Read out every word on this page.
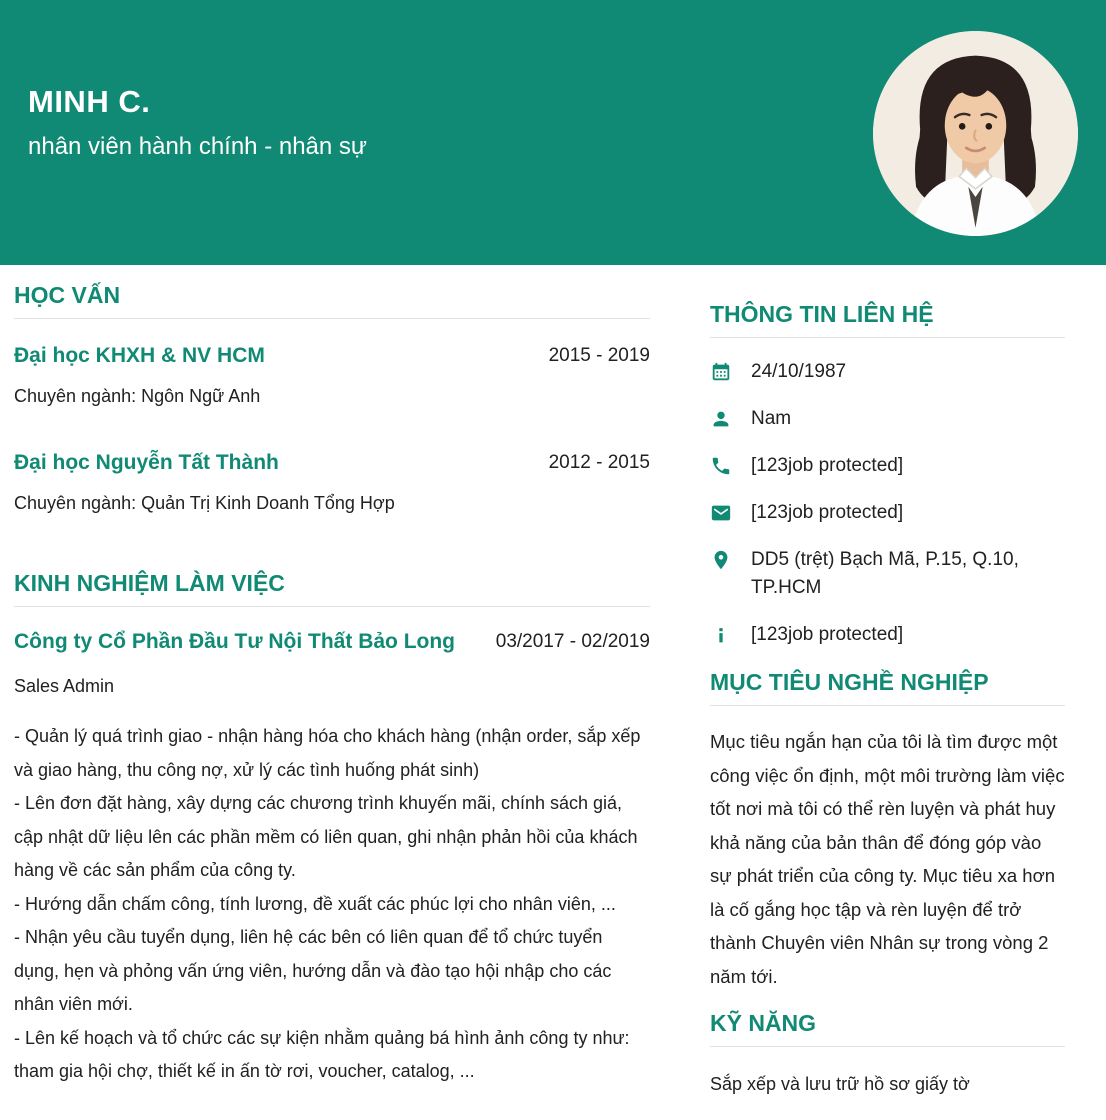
MINH C.
nhân viên hành chính - nhân sự
HỌC VẤN
Đại học KHXH & NV HCM	2015 - 2019
Chuyên ngành: Ngôn Ngữ Anh
Đại học Nguyễn Tất Thành	2012 - 2015
Chuyên ngành: Quản Trị Kinh Doanh Tổng Hợp
KINH NGHIỆM LÀM VIỆC
Công ty Cổ Phần Đầu Tư Nội Thất Bảo Long 03/2017 - 02/2019
Sales Admin

- Quản lý quá trình giao - nhận hàng hóa cho khách hàng (nhận order, sắp xếp và giao hàng, thu công nợ, xử lý các tình huống phát sinh)

- Lên đơn đặt hàng, xây dựng các chương trình khuyến mãi, chính sách giá, cập nhật dữ liệu lên các phần mềm có liên quan, ghi nhận phản hồi của khách hàng về các sản phẩm của công ty.

- Hướng dẫn chấm công, tính lương, đề xuất các phúc lợi cho nhân viên, ...

- Nhận yêu cầu tuyển dụng, liên hệ các bên có liên quan để tổ chức tuyển dụng, hẹn và phỏng vấn ứng viên, hướng dẫn và đào tạo hội nhập cho các nhân viên mới.

- Lên kế hoạch và tổ chức các sự kiện nhằm quảng bá hình ảnh công ty như: tham gia hội chợ, thiết kế in ấn tờ rơi, voucher, catalog, ...

THÔNG TIN LIÊN HỆ
24/10/1987
Nam
[123job protected]
[123job protected]
DD5 (trệt) Bạch Mã, P.15, Q.10, TP.HCM
[123job protected]
MỤC TIÊU NGHỀ NGHIỆP
Mục tiêu ngắn hạn của tôi là tìm được một công việc ổn định, một môi trường làm việc tốt nơi mà tôi có thể rèn luyện và phát huy khả năng của bản thân để đóng góp vào sự phát triển của công ty. Mục tiêu xa hơn là cố gắng học tập và rèn luyện để trở thành Chuyên viên Nhân sự trong vòng 2 năm tới.
KỸ NĂNG
Sắp xếp và lưu trữ hồ sơ giấy tờ
